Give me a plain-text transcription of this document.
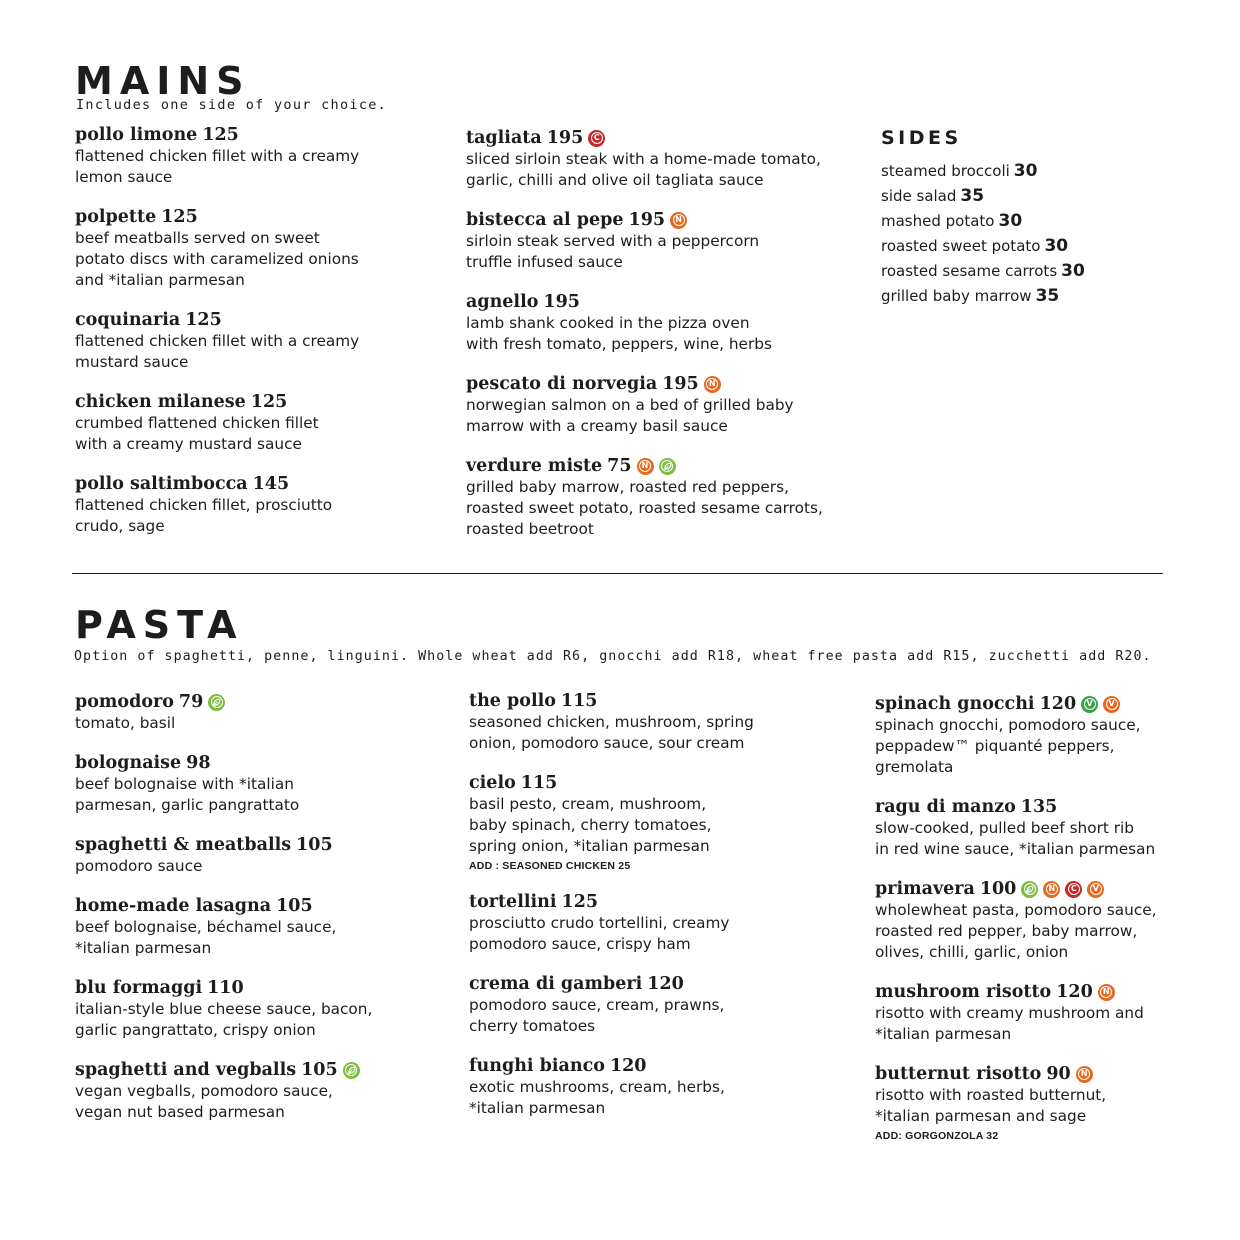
MAINS
Includes one side of your choice.
pollo limone 125
flattened chicken fillet with a creamy
lemon sauce
polpette 125
beef meatballs served on sweet
potato discs with caramelized onions
and *italian parmesan
coquinaria 125
flattened chicken fillet with a creamy
mustard sauce
chicken milanese 125
crumbed flattened chicken fillet
with a creamy mustard sauce
pollo saltimbocca 145
flattened chicken fillet, prosciutto
crudo, sage
tagliata 195	C
sliced sirloin steak with a home-made tomato,
garlic, chilli and olive oil tagliata sauce
bistecca al pepe 195	N
sirloin steak served with a peppercorn
truffle infused sauce
agnello 195
lamb shank cooked in the pizza oven
with fresh tomato, peppers, wine, herbs
pescato di norvegia 195	N
norwegian salmon on a bed of grilled baby
marrow with a creamy basil sauce
verdure miste 75	N
grilled baby marrow, roasted red peppers,
roasted sweet potato, roasted sesame carrots,
roasted beetroot
SIDES
steamed broccoli 30
side salad 35
mashed potato 30
roasted sweet potato 30
roasted sesame carrots 30
grilled baby marrow 35
PASTA
Option of spaghetti, penne, linguini. Whole wheat add R6, gnocchi add R18, wheat free pasta add R15, zucchetti add R20.
pomodoro 79
tomato, basil
bolognaise 98
beef bolognaise with *italian
parmesan, garlic pangrattato
spaghetti & meatballs 105
pomodoro sauce
home-made lasagna 105
beef bolognaise, béchamel sauce,
*italian parmesan
blu formaggi 110
italian-style blue cheese sauce, bacon,
garlic pangrattato, crispy onion
spaghetti and vegballs 105
vegan vegballs, pomodoro sauce,
vegan nut based parmesan
the pollo 115
seasoned chicken, mushroom, spring
onion, pomodoro sauce, sour cream
cielo 115
basil pesto, cream, mushroom,
baby spinach, cherry tomatoes,
spring onion, *italian parmesan
ADD : SEASONED CHICKEN 25
tortellini 125
prosciutto crudo tortellini, creamy
pomodoro sauce, crispy ham
crema di gamberi 120
pomodoro sauce, cream, prawns,
cherry tomatoes
funghi bianco 120
exotic mushrooms, cream, herbs,
*italian parmesan
spinach gnocchi 120	V	V
spinach gnocchi, pomodoro sauce,
peppadew™ piquanté peppers,
gremolata
ragu di manzo 135
slow-cooked, pulled beef short rib
in red wine sauce, *italian parmesan
primavera 100	N	C	V
wholewheat pasta, pomodoro sauce,
roasted red pepper, baby marrow,
olives, chilli, garlic, onion
mushroom risotto 120	N
risotto with creamy mushroom and
*italian parmesan
butternut risotto 90	N
risotto with roasted butternut,
*italian parmesan and sage
ADD: GORGONZOLA 32
